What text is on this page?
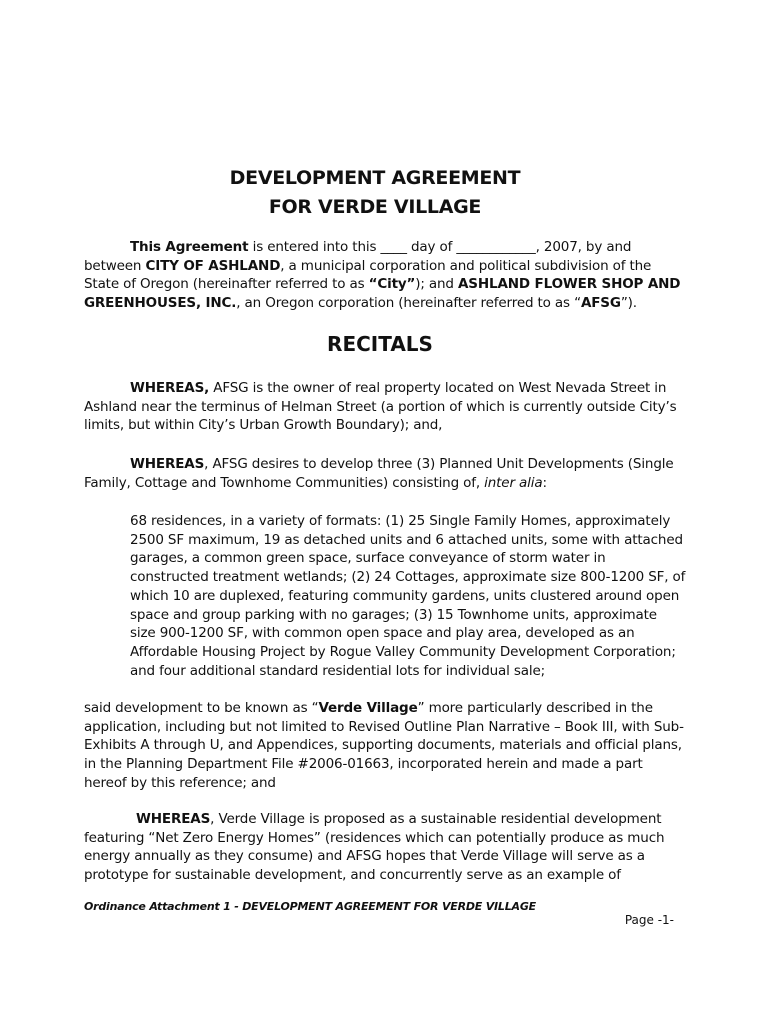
DEVELOPMENT AGREEMENT
FOR VERDE VILLAGE
This Agreement is entered into this ____ day of ____________, 2007, by and between CITY OF ASHLAND, a municipal corporation and political subdivision of the State of Oregon (hereinafter referred to as “City”); and ASHLAND FLOWER SHOP AND GREENHOUSES, INC., an Oregon corporation (hereinafter referred to as “AFSG”).
RECITALS
WHEREAS, AFSG is the owner of real property located on West Nevada Street in Ashland near the terminus of Helman Street (a portion of which is currently outside City’s limits, but within City’s Urban Growth Boundary); and,
WHEREAS, AFSG desires to develop three (3) Planned Unit Developments (Single Family, Cottage and Townhome Communities) consisting of, inter alia:
68 residences, in a variety of formats: (1) 25 Single Family Homes, approximately 2500 SF maximum, 19 as detached units and 6 attached units, some with attached garages, a common green space, surface conveyance of storm water in constructed treatment wetlands; (2) 24 Cottages, approximate size 800-1200 SF, of which 10 are duplexed, featuring community gardens, units clustered around open space and group parking with no garages; (3) 15 Townhome units, approximate size 900-1200 SF, with common open space and play area, developed as an Affordable Housing Project by Rogue Valley Community Development Corporation; and four additional standard residential lots for individual sale;
said development to be known as “Verde Village” more particularly described in the application, including but not limited to Revised Outline Plan Narrative – Book III, with Sub-Exhibits A through U, and Appendices, supporting documents, materials and official plans, in the Planning Department File #2006-01663, incorporated herein and made a part hereof by this reference; and
WHEREAS, Verde Village is proposed as a sustainable residential development featuring “Net Zero Energy Homes” (residences which can potentially produce as much energy annually as they consume) and AFSG hopes that Verde Village will serve as a prototype for sustainable development, and concurrently serve as an example of
Ordinance Attachment 1 - DEVELOPMENT AGREEMENT FOR VERDE VILLAGE
Page -1-
